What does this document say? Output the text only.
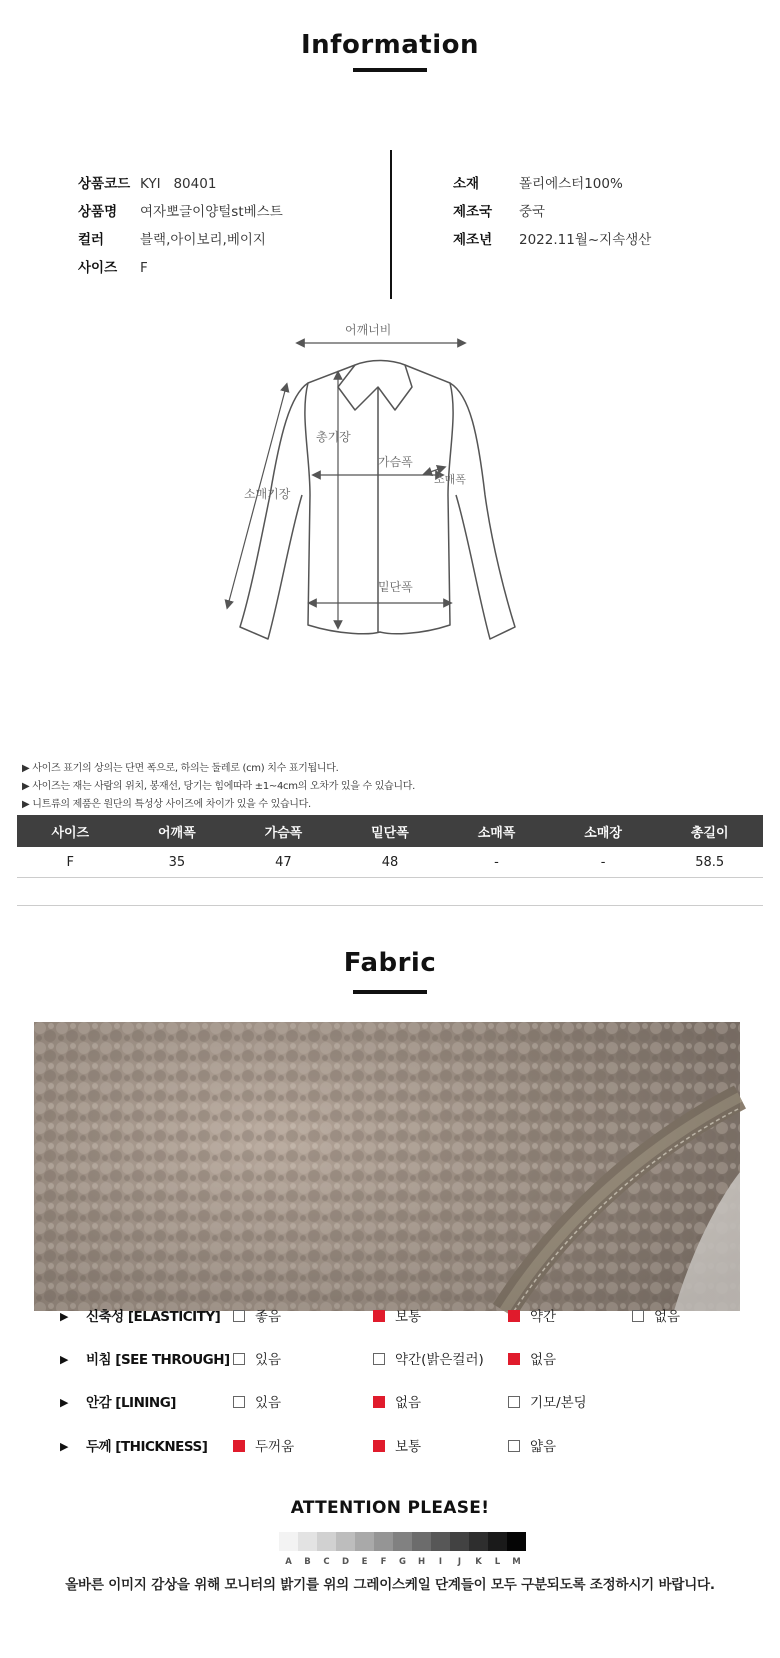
Information
상품코드 KYI   80401
상품명 여자뽀글이양털st베스트
컬러	블랙,아이보리,베이지
사이즈 F
소재	폴리에스터100%
제조국 중국
제조년 2022.11월~지속생산
어깨너비
총기장
가슴폭
소매폭
소매기장
밑단폭
▶ 사이즈 표기의 상의는 단면 폭으로, 하의는 둘레로 (cm) 치수 표기됩니다.
▶ 사이즈는 재는 사람의 위치, 봉재선, 당기는 힘에따라 ±1~4cm의 오차가 있을 수 있습니다.
▶ 니트류의 제품은 원단의 특성상 사이즈에 차이가 있을 수 있습니다.
사이즈	어깨폭	가슴폭	밑단폭	소매폭	소매장	총길이
F	35	47	48	-	-	58.5
Fabric
▶ 신축성 [ELASTICITY]	좋음	보통	약간	없음
▶ 비침 [SEE THROUGH]	있음	약간(밝은컬러)	없음
▶ 안감 [LINING]	있음	없음	기모/본딩
▶ 두께 [THICKNESS]	두꺼움	보통	얇음
ATTENTION PLEASE!
A	B	C	D	E	F	G	H	I	J	K	L	M
올바른 이미지 감상을 위해 모니터의 밝기를 위의 그레이스케일 단계들이 모두 구분되도록 조정하시기 바랍니다.
